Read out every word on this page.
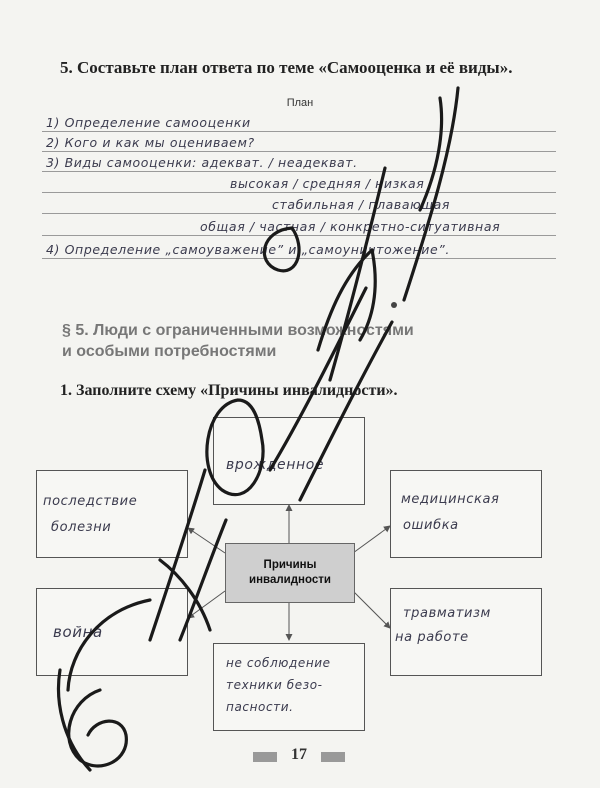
5. Составьте план ответа по теме «Самооценка и её виды».
План
1) Определение самооценки
2) Кого и как мы оцениваем?
3) Виды самооценки: адекват. / неадекват.
высокая / средняя / низкая
стабильная / плавающая
общая / частная / конкретно-ситуативная
4) Определение „самоуважение” и „самоуничтожение”.
§ 5. Люди с ограниченными возможностями
и особыми потребностями
1. Заполните схему «Причины инвалидности».
врожденное
последствие
болезни
медицинская
ошибка
Причины
инвалидности
война
травматизм
на работе
не соблюдение
техники безо-
пасности.
17
